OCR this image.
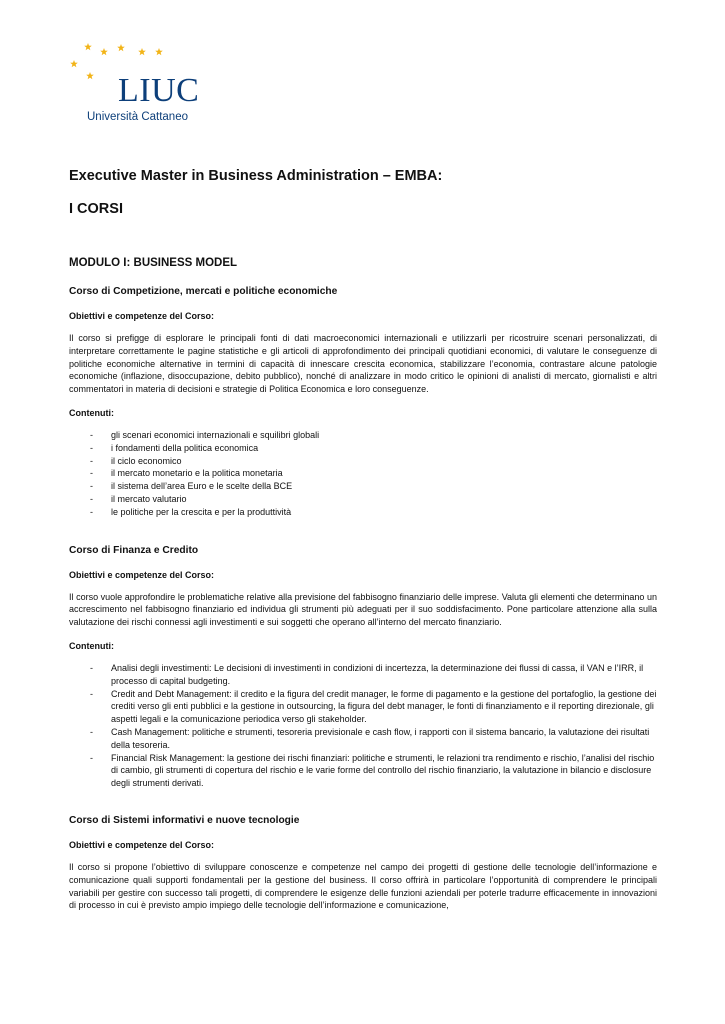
LIUC
Università Cattaneo
Executive Master in Business Administration – EMBA:
I CORSI
MODULO I: BUSINESS MODEL
Corso di Competizione, mercati e politiche economiche
Obiettivi e competenze del Corso:

Il corso si prefigge di esplorare le principali fonti di dati macroeconomici internazionali e utilizzarli per ricostruire scenari personalizzati, di interpretare correttamente le pagine statistiche e gli articoli di approfondimento dei principali quotidiani economici, di valutare le conseguenze di politiche economiche alternative in termini di capacità di innescare crescita economica, stabilizzare l’economia, contrastare alcune patologie economiche (inflazione, disoccupazione, debito pubblico), nonché di analizzare in modo critico le opinioni di analisti di mercato, giornalisti e altri commentatori in materia di decisioni e strategie di Politica Economica e loro conseguenze.

Contenuti:
- gli scenari economici internazionali e squilibri globali
- i fondamenti della politica economica
- il ciclo economico
- il mercato monetario e la politica monetaria
- il sistema dell’area Euro e le scelte della BCE
- il mercato valutario
- le politiche per la crescita e per la produttività
Corso di Finanza e Credito
Obiettivi e competenze del Corso:

Il corso vuole approfondire le problematiche relative alla previsione del fabbisogno finanziario delle imprese. Valuta gli elementi che determinano un accrescimento nel fabbisogno finanziario ed individua gli strumenti più adeguati per il suo soddisfacimento. Pone particolare attenzione alla sulla valutazione dei rischi connessi agli investimenti e sui soggetti che operano all’interno del mercato finanziario.

Contenuti:
- Analisi degli investimenti: Le decisioni di investimenti in condizioni di incertezza, la determinazione dei flussi di cassa, il VAN e l’IRR, il processo di capital budgeting.
- Credit and Debt Management: il credito e la figura del credit manager, le forme di pagamento e la gestione del portafoglio, la gestione dei crediti verso gli enti pubblici e la gestione in outsourcing, la figura del debt manager, le fonti di finanziamento e il reporting direzionale, gli aspetti legali e la comunicazione periodica verso gli stakeholder.
- Cash Management: politiche e strumenti, tesoreria previsionale e cash flow, i rapporti con il sistema bancario, la valutazione dei risultati della tesoreria.
- Financial Risk Management: la gestione dei rischi finanziari: politiche e strumenti, le relazioni tra rendimento e rischio, l’analisi del rischio di cambio, gli strumenti di copertura del rischio e le varie forme del controllo del rischio finanziario, la valutazione in bilancio e disclosure degli strumenti derivati.
Corso di Sistemi informativi e nuove tecnologie
Obiettivi e competenze del Corso:

Il corso si propone l’obiettivo di sviluppare conoscenze e competenze nel campo dei progetti di gestione delle tecnologie dell’informazione e comunicazione quali supporti fondamentali per la gestione del business. Il corso offrirà in particolare l’opportunità di comprendere le principali variabili per gestire con successo tali progetti, di comprendere le esigenze delle funzioni aziendali per poterle tradurre efficacemente in innovazioni di processo in cui è previsto ampio impiego delle tecnologie dell’informazione e comunicazione,
